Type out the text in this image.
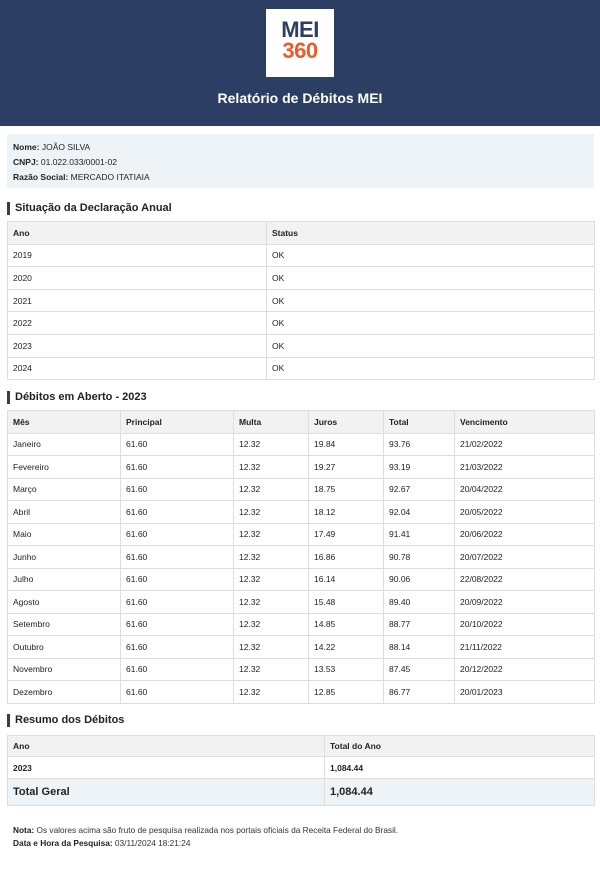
MEI
360
Relatório de Débitos MEI
Nome: JOÃO SILVA
CNPJ: 01.022.033/0001-02
Razão Social: MERCADO ITATIAIA
Situação da Declaração Anual
Ano	Status
2019	OK
2020	OK
2021	OK
2022	OK
2023	OK
2024	OK
Débitos em Aberto - 2023
Mês	Principal	Multa	Juros	Total	Vencimento
Janeiro	61.60	12.32	19.84	93.76	21/02/2022
Fevereiro	61.60	12.32	19.27	93.19	21/03/2022
Março	61.60	12.32	18.75	92.67	20/04/2022
Abril	61.60	12.32	18.12	92.04	20/05/2022
Maio	61.60	12.32	17.49	91.41	20/06/2022
Junho	61.60	12.32	16.86	90.78	20/07/2022
Julho	61.60	12.32	16.14	90.06	22/08/2022
Agosto	61.60	12.32	15.48	89.40	20/09/2022
Setembro	61.60	12.32	14.85	88.77	20/10/2022
Outubro	61.60	12.32	14.22	88.14	21/11/2022
Novembro	61.60	12.32	13.53	87.45	20/12/2022
Dezembro	61.60	12.32	12.85	86.77	20/01/2023
Resumo dos Débitos
Ano	Total do Ano
2023	1,084.44
Total Geral	1,084.44
Nota: Os valores acima são fruto de pesquisa realizada nos portais oficiais da Receita Federal do Brasil.
Data e Hora da Pesquisa: 03/11/2024 18:21:24
